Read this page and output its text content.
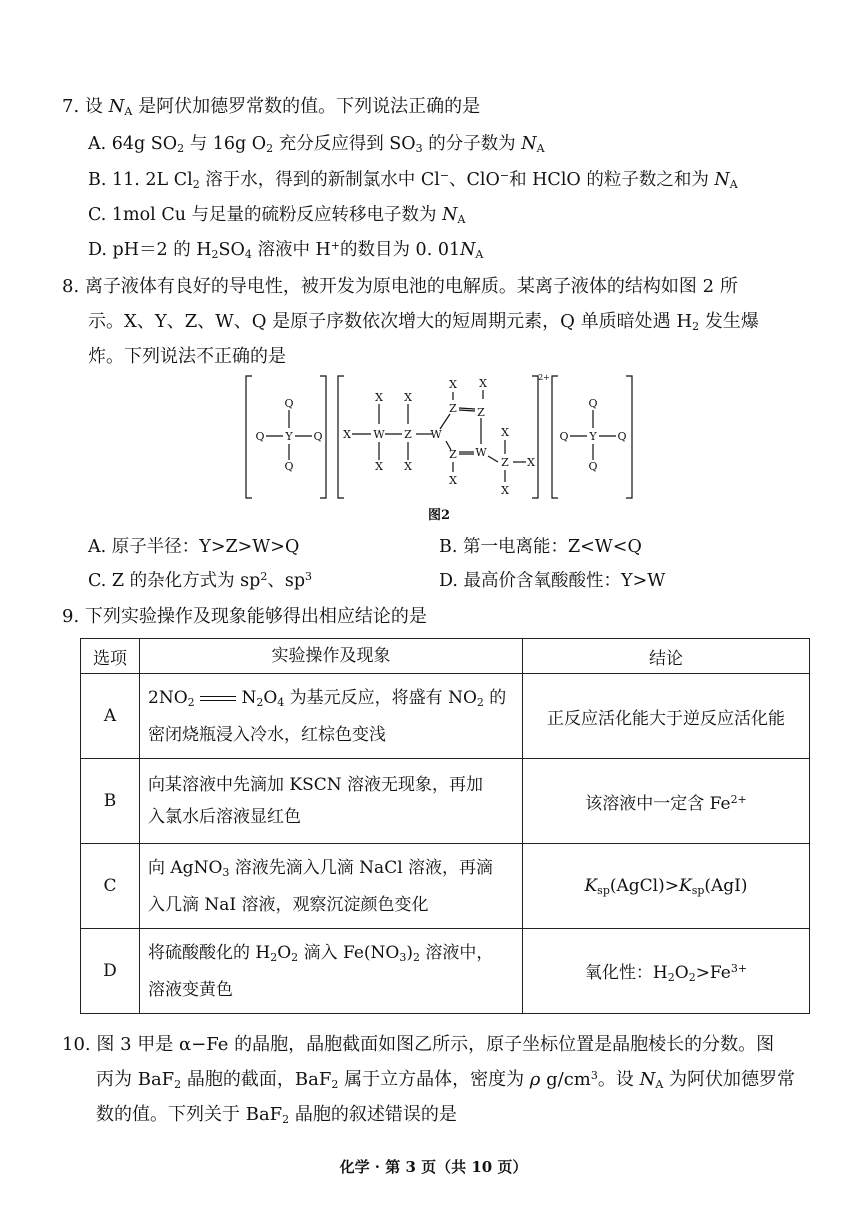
7. 设 $N_A$ 是阿伏加德罗常数的值。下列说法正确的是
A. 64g $SO_2$ 与 16g $O_2$ 充分反应得到 $SO_3$ 的分子数为 $N_A$
B. 11. 2L $Cl_2$ 溶于水，得到的新制氯水中 Cl−、ClO−和 HClO 的粒子数之和为 $N_A$
C. 1mol Cu 与足量的硫粉反应转移电子数为 $N_A$
D. pH＝2 的 $H_2SO_4$ 溶液中 H+的数目为 0. $01N_A$
8. 离子液体有良好的导电性，被开发为原电池的电解质。某离子液体的结构如图 2 所
示。X、Y、Z、W、Q 是原子序数依次增大的短周期元素，Q 单质暗处遇 $H_2$ 发生爆
炸。下列说法不正确的是
Q
Y
Q	Q
Q
X W
X
X
Z
X
X
W
Z Z
X X
Z W
X
X
Z
X
X
2+
Q
Y
Q	Q
Q
图2
A. 原子半径：Y>Z>W>Q	B. 第一电离能：Z<W<Q
C. Z 的杂化方式为 $sp^2$、$sp^3$	D. 最高价含氧酸酸性：Y>W
9. 下列实验操作及现象能够得出相应结论的是
选项	实验操作及现象	结论
A	$2NO_2$  $N_2O_4$ 为基元反应，将盛有 $NO_2$ 的
密闭烧瓶浸入冷水，红棕色变浅	正反应活化能大于逆反应活化能
B	向某溶液中先滴加 KSCN 溶液无现象，再加
入氯水后溶液显红色	该溶液中一定含 $Fe^{2+}$
C	向 AgNO$_3$ 溶液先滴入几滴 NaCl 溶液，再滴
入几滴 NaI 溶液，观察沉淀颜色变化	$K_{sp}(AgCl)>K_{sp}(AgI)$
D	将硫酸酸化的 $H_2O_2$ 滴入 $Fe(NO_3)_2$ 溶液中，
溶液变黄色	氧化性：$H_2O_2>Fe^{3+}$
10. 图 3 甲是 α−Fe 的晶胞，晶胞截面如图乙所示，原子坐标位置是晶胞棱长的分数。图
丙为 BaF$_2$ 晶胞的截面，BaF$_2$ 属于立方晶体，密度为 ρ $g/cm^3$。设 $N_A$ 为阿伏加德罗常
数的值。下列关于 BaF$_2$ 晶胞的叙述错误的是
化学 · 第 3 页（共 10 页）
